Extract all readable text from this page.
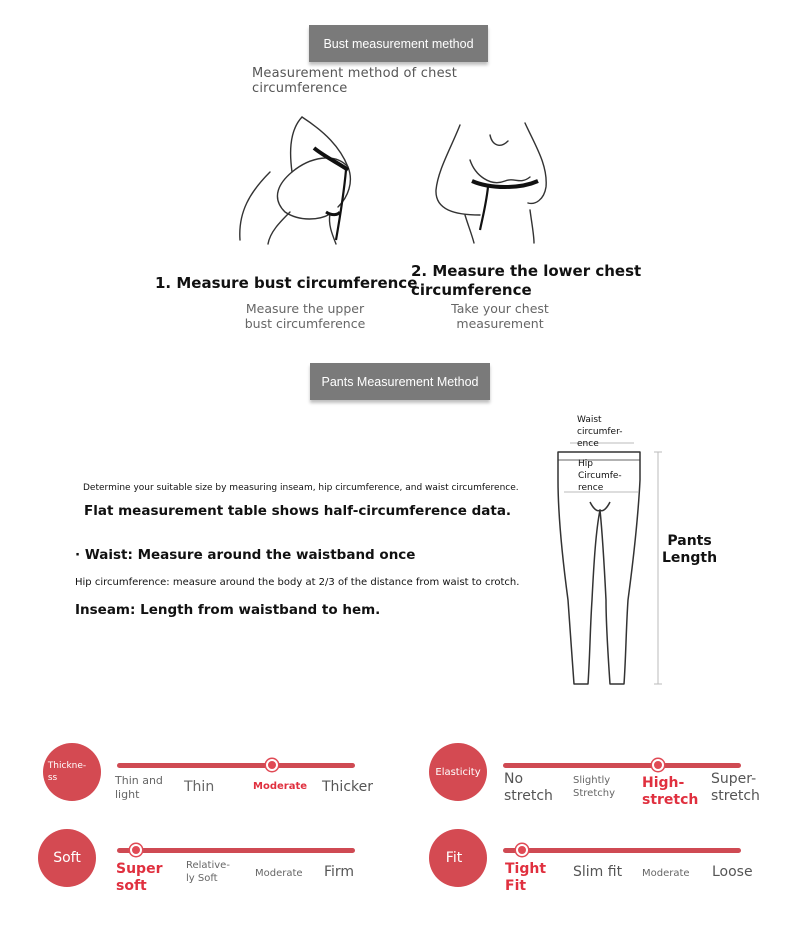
Bust measurement method
Measurement method of chest circumference
1. Measure bust circumference
Measure the upper
bust circumference
2. Measure the lower chest
circumference
Take your chest
measurement
Pants Measurement Method
Determine your suitable size by measuring inseam, hip circumference, and waist circumference.
Flat measurement table shows half-circumference data.
· Waist: Measure around the waistband once
Hip circumference: measure around the body at 2/3 of the distance from waist to crotch.
Inseam: Length from waistband to hem.
Waist
circumfer-
ence
Hip
Circumfe-
rence
Pants
Length
Thickne-
ss	Thin and
light	Thin	Moderate Thicker
Elasticity No
stretch
Slightly
Stretchy
High-
stretch
Super-
stretch
Soft
Super
soft
Relative-
ly Soft	Moderate Firm
Fit
Tight
Fit
Slim fit Moderate Loose
